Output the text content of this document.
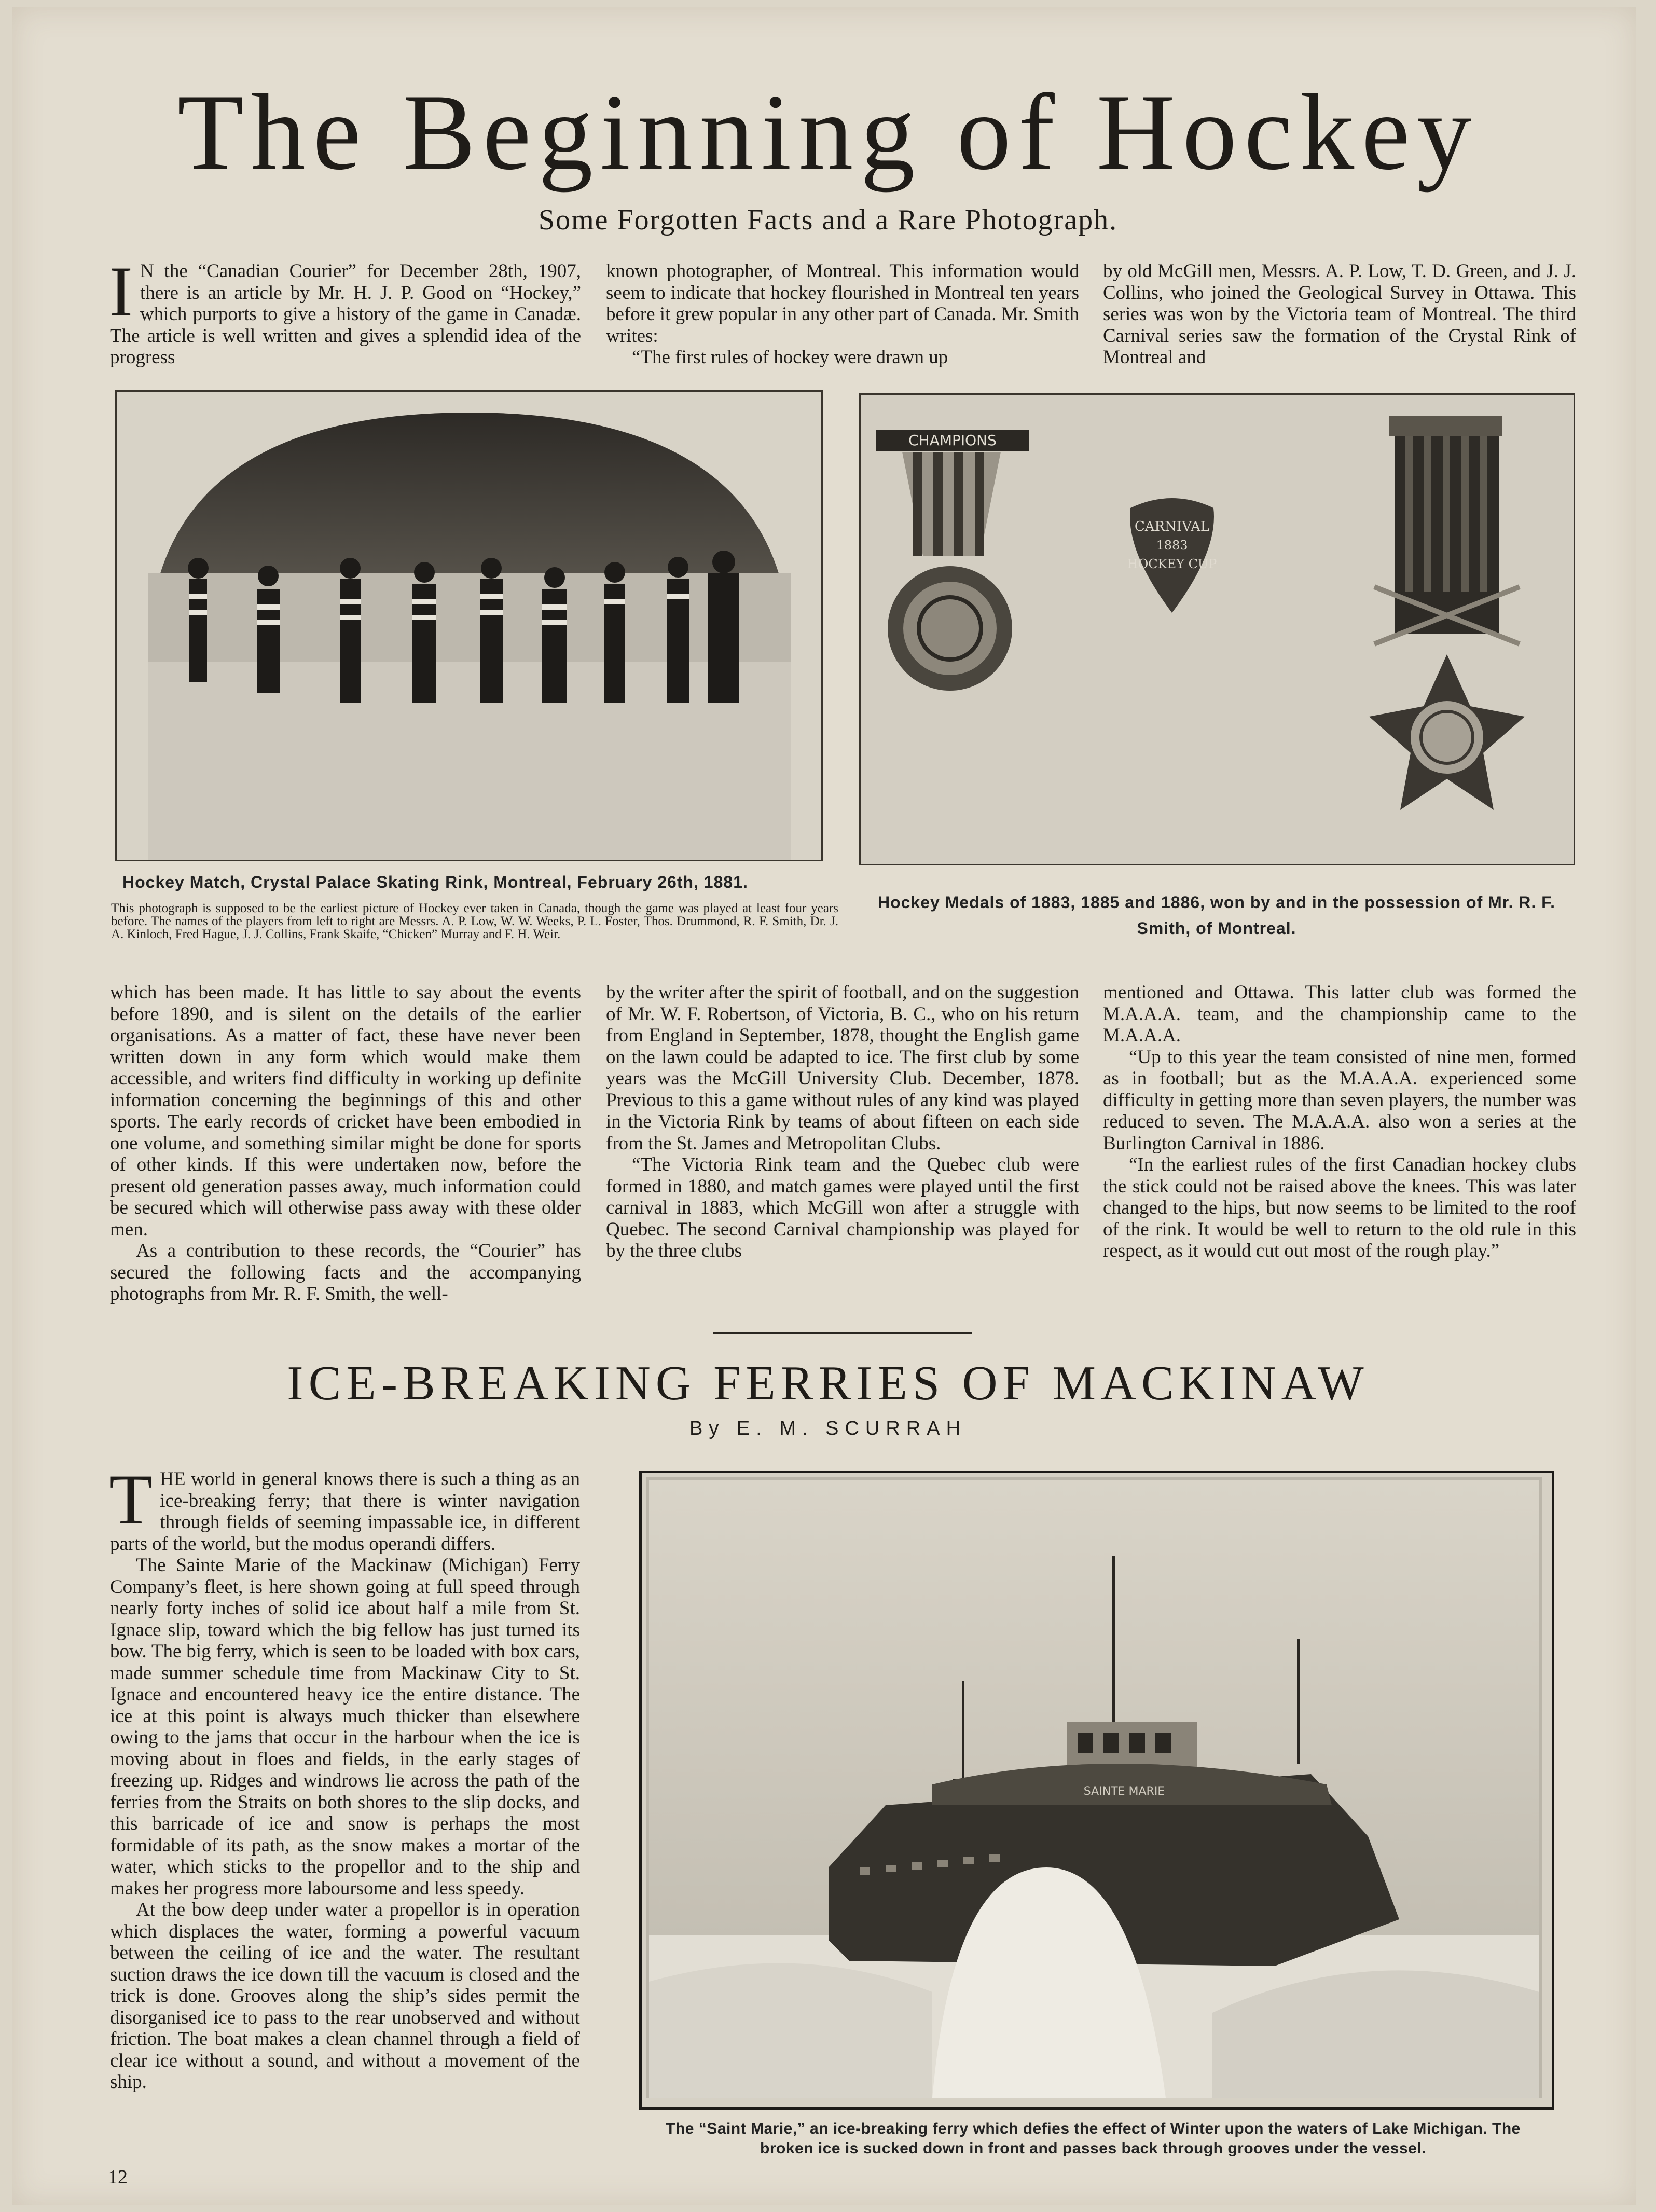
The Beginning of Hockey
Some Forgotten Facts and a Rare Photograph.

I N the “Canadian Courier” for December 28th, 1907, there is an article by Mr. H. J. P. Good on “Hockey,” which purports to give a history of the game in Canadæ. The article is well written and gives a splendid idea of the progress

known photographer, of Montreal. This information would seem to indicate that hockey flourished in Montreal ten years before it grew popular in any other part of Canada. Mr. Smith writes:

“The first rules of hockey were drawn up

by old McGill men, Messrs. A. P. Low, T. D. Green, and J. J. Collins, who joined the Geological Survey in Ottawa. This series was won by the Victoria team of Montreal. The third Carnival series saw the formation of the Crystal Rink of Montreal and

Hockey Match, Crystal Palace Skating Rink, Montreal, February 26th, 1881.
This photograph is supposed to be the earliest picture of Hockey ever taken in Canada, though the game was played at least four years before. The names of the players from left to right are Messrs. A. P. Low, W. W. Weeks, P. L. Foster, Thos. Drummond, R. F. Smith, Dr. J. A. Kinloch, Fred Hague, J. J. Collins, Frank Skaife, “Chicken” Murray and F. H. Weir.
CHAMPIONS
CARNIVAL
1883
HOCKEY CUP
Hockey Medals of 1883, 1885 and 1886, won by and in the possession of Mr. R. F. Smith, of Montreal.

which has been made. It has little to say about the events before 1890, and is silent on the details of the earlier organisations. As a matter of fact, these have never been written down in any form which would make them accessible, and writers find difficulty in working up definite information concerning the beginnings of this and other sports. The early records of cricket have been embodied in one volume, and something similar might be done for sports of other kinds. If this were undertaken now, before the present old generation passes away, much information could be secured which will otherwise pass away with these older men.

As a contribution to these records, the “Courier” has secured the following facts and the accompanying photographs from Mr. R. F. Smith, the well-

by the writer after the spirit of football, and on the suggestion of Mr. W. F. Robertson, of Victoria, B. C., who on his return from England in September, 1878, thought the English game on the lawn could be adapted to ice. The first club by some years was the McGill University Club. December, 1878. Previous to this a game without rules of any kind was played in the Victoria Rink by teams of about fifteen on each side from the St. James and Metropolitan Clubs.

“The Victoria Rink team and the Quebec club were formed in 1880, and match games were played until the first carnival in 1883, which McGill won after a struggle with Quebec. The second Carnival championship was played for by the three clubs

mentioned and Ottawa. This latter club was formed the M.A.A.A. team, and the championship came to the M.A.A.A.

“Up to this year the team consisted of nine men, formed as in football; but as the M.A.A.A. experienced some difficulty in getting more than seven players, the number was reduced to seven. The M.A.A.A. also won a series at the Burlington Carnival in 1886.

“In the earliest rules of the first Canadian hockey clubs the stick could not be raised above the knees. This was later changed to the hips, but now seems to be limited to the roof of the rink. It would be well to return to the old rule in this respect, as it would cut out most of the rough play.”

ICE-BREAKING FERRIES OF MACKINAW
By E. M. SCURRAH

THE world in general knows there is such a thing as an ice-breaking ferry; that there is winter navigation through fields of seeming impassable ice, in different parts of the world, but the modus operandi differs.

The Sainte Marie of the Mackinaw (Michigan) Ferry Company’s fleet, is here shown going at full speed through nearly forty inches of solid ice about half a mile from St. Ignace slip, toward which the big fellow has just turned its bow. The big ferry, which is seen to be loaded with box cars, made summer schedule time from Mackinaw City to St. Ignace and encountered heavy ice the entire distance. The ice at this point is always much thicker than elsewhere owing to the jams that occur in the harbour when the ice is moving about in floes and fields, in the early stages of freezing up. Ridges and windrows lie across the path of the ferries from the Straits on both shores to the slip docks, and this barricade of ice and snow is perhaps the most formidable of its path, as the snow makes a mortar of the water, which sticks to the propellor and to the ship and makes her progress more laboursome and less speedy.

At the bow deep under water a propellor is in operation which displaces the water, forming a powerful vacuum between the ceiling of ice and the water. The resultant suction draws the ice down till the vacuum is closed and the trick is done. Grooves along the ship’s sides permit the disorganised ice to pass to the rear unobserved and without friction. The boat makes a clean channel through a field of clear ice without a sound, and without a movement of the ship.

SAINTE MARIE
The “Saint Marie,” an ice-breaking ferry which defies the effect of Winter upon the waters of Lake Michigan. The broken ice is sucked down in front and passes back through grooves under the vessel.
12
